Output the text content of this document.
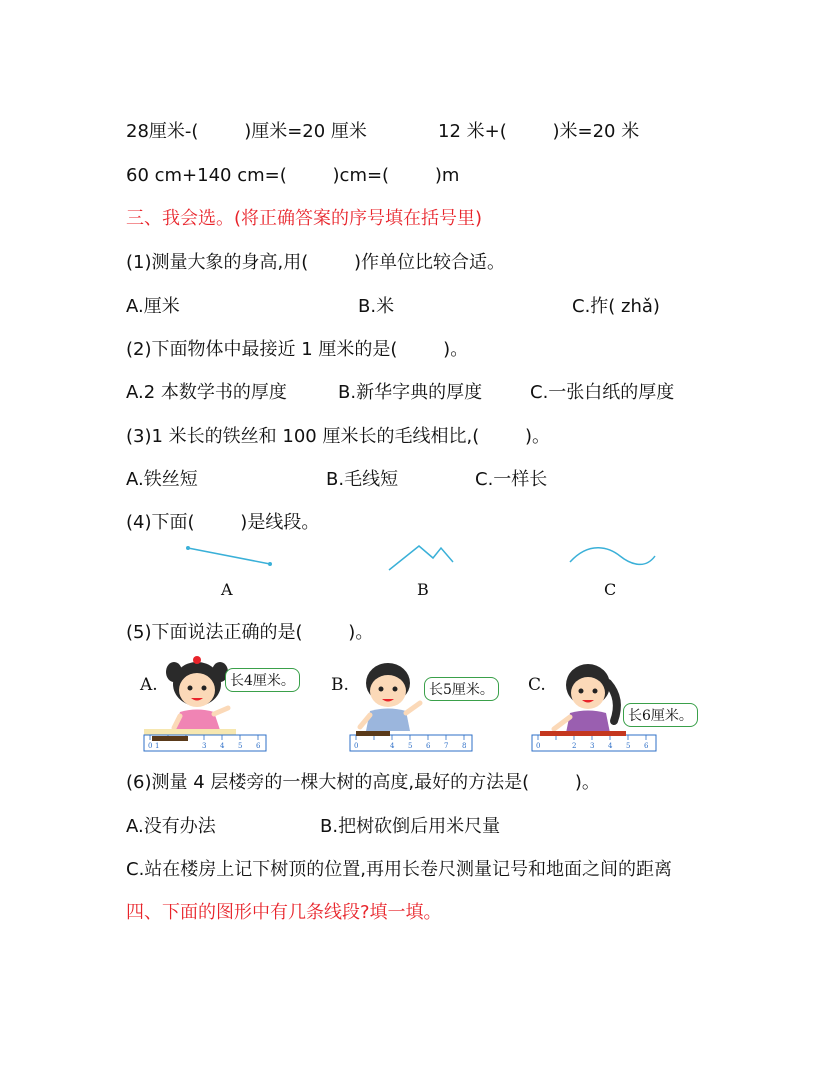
28厘米-(        )厘米=20 厘米	12 米+(        )米=20 米
60 cm+140 cm=(        )cm=(        )m
三、我会选。(将正确答案的序号填在括号里)
(1)测量大象的身高,用(        )作单位比较合适。
A.厘米	B.米	C.拃( zhǎ)
(2)下面物体中最接近 1 厘米的是(        )。
A.2 本数学书的厚度	B.新华字典的厚度	C.一张白纸的厚度
(3)1 米长的铁丝和 100 厘米长的毛线相比,(        )。
A.铁丝短	B.毛线短	C.一样长
(4)下面(        )是线段。
A	B	C
(5)下面说法正确的是(        )。
A.
0 1	3 4 5 6
长4厘米。 B.
0	4 5 6 7 8
长5厘米。 C.
0	2 3 4 5 6
长6厘米。
(6)测量 4 层楼旁的一棵大树的高度,最好的方法是(        )。
A.没有办法	B.把树砍倒后用米尺量
C.站在楼房上记下树顶的位置,再用长卷尺测量记号和地面之间的距离
四、下面的图形中有几条线段?填一填。
